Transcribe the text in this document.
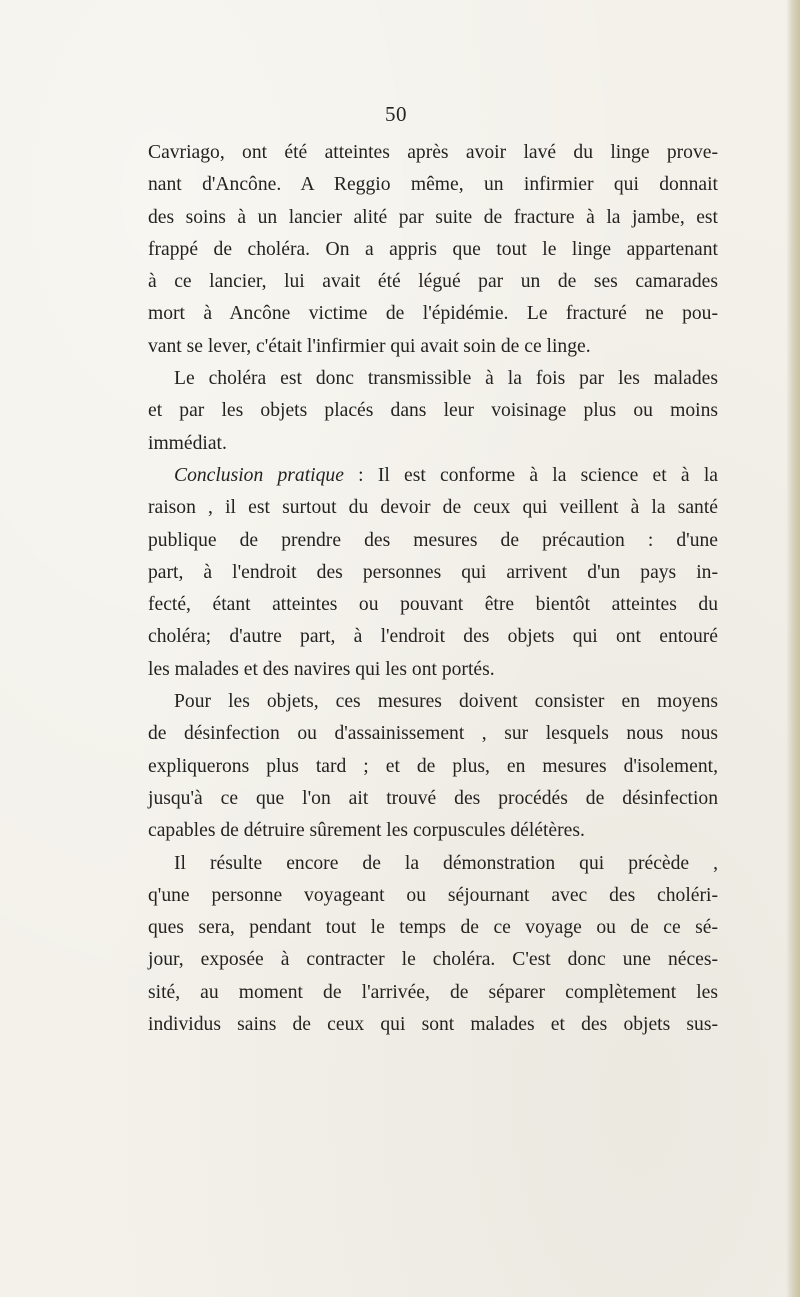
50

Cavriago, ont été atteintes après avoir lavé du linge prove-
nant d'Ancône. A Reggio même, un infirmier qui donnait
des soins à un lancier alité par suite de fracture à la jambe, est
frappé de choléra. On a appris que tout le linge appartenant
à ce lancier, lui avait été légué par un de ses camarades
mort à Ancône victime de l'épidémie. Le fracturé ne pou-
vant se lever, c'était l'infirmier qui avait soin de ce linge.

Le choléra est donc transmissible à la fois par les malades
et par les objets placés dans leur voisinage plus ou moins
immédiat.

Conclusion pratique : Il est conforme à la science et à la
raison , il est surtout du devoir de ceux qui veillent à la santé
publique de prendre des mesures de précaution : d'une
part, à l'endroit des personnes qui arrivent d'un pays in-
fecté, étant atteintes ou pouvant être bientôt atteintes du
choléra; d'autre part, à l'endroit des objets qui ont entouré
les malades et des navires qui les ont portés.

Pour les objets, ces mesures doivent consister en moyens
de désinfection ou d'assainissement , sur lesquels nous nous
expliquerons plus tard ; et de plus, en mesures d'isolement,
jusqu'à ce que l'on ait trouvé des procédés de désinfection
capables de détruire sûrement les corpuscules délétères.

Il résulte encore de la démonstration qui précède ,
q'une personne voyageant ou séjournant avec des choléri-
ques sera, pendant tout le temps de ce voyage ou de ce sé-
jour, exposée à contracter le choléra. C'est donc une néces-
sité, au moment de l'arrivée, de séparer complètement les
individus sains de ceux qui sont malades et des objets sus-
